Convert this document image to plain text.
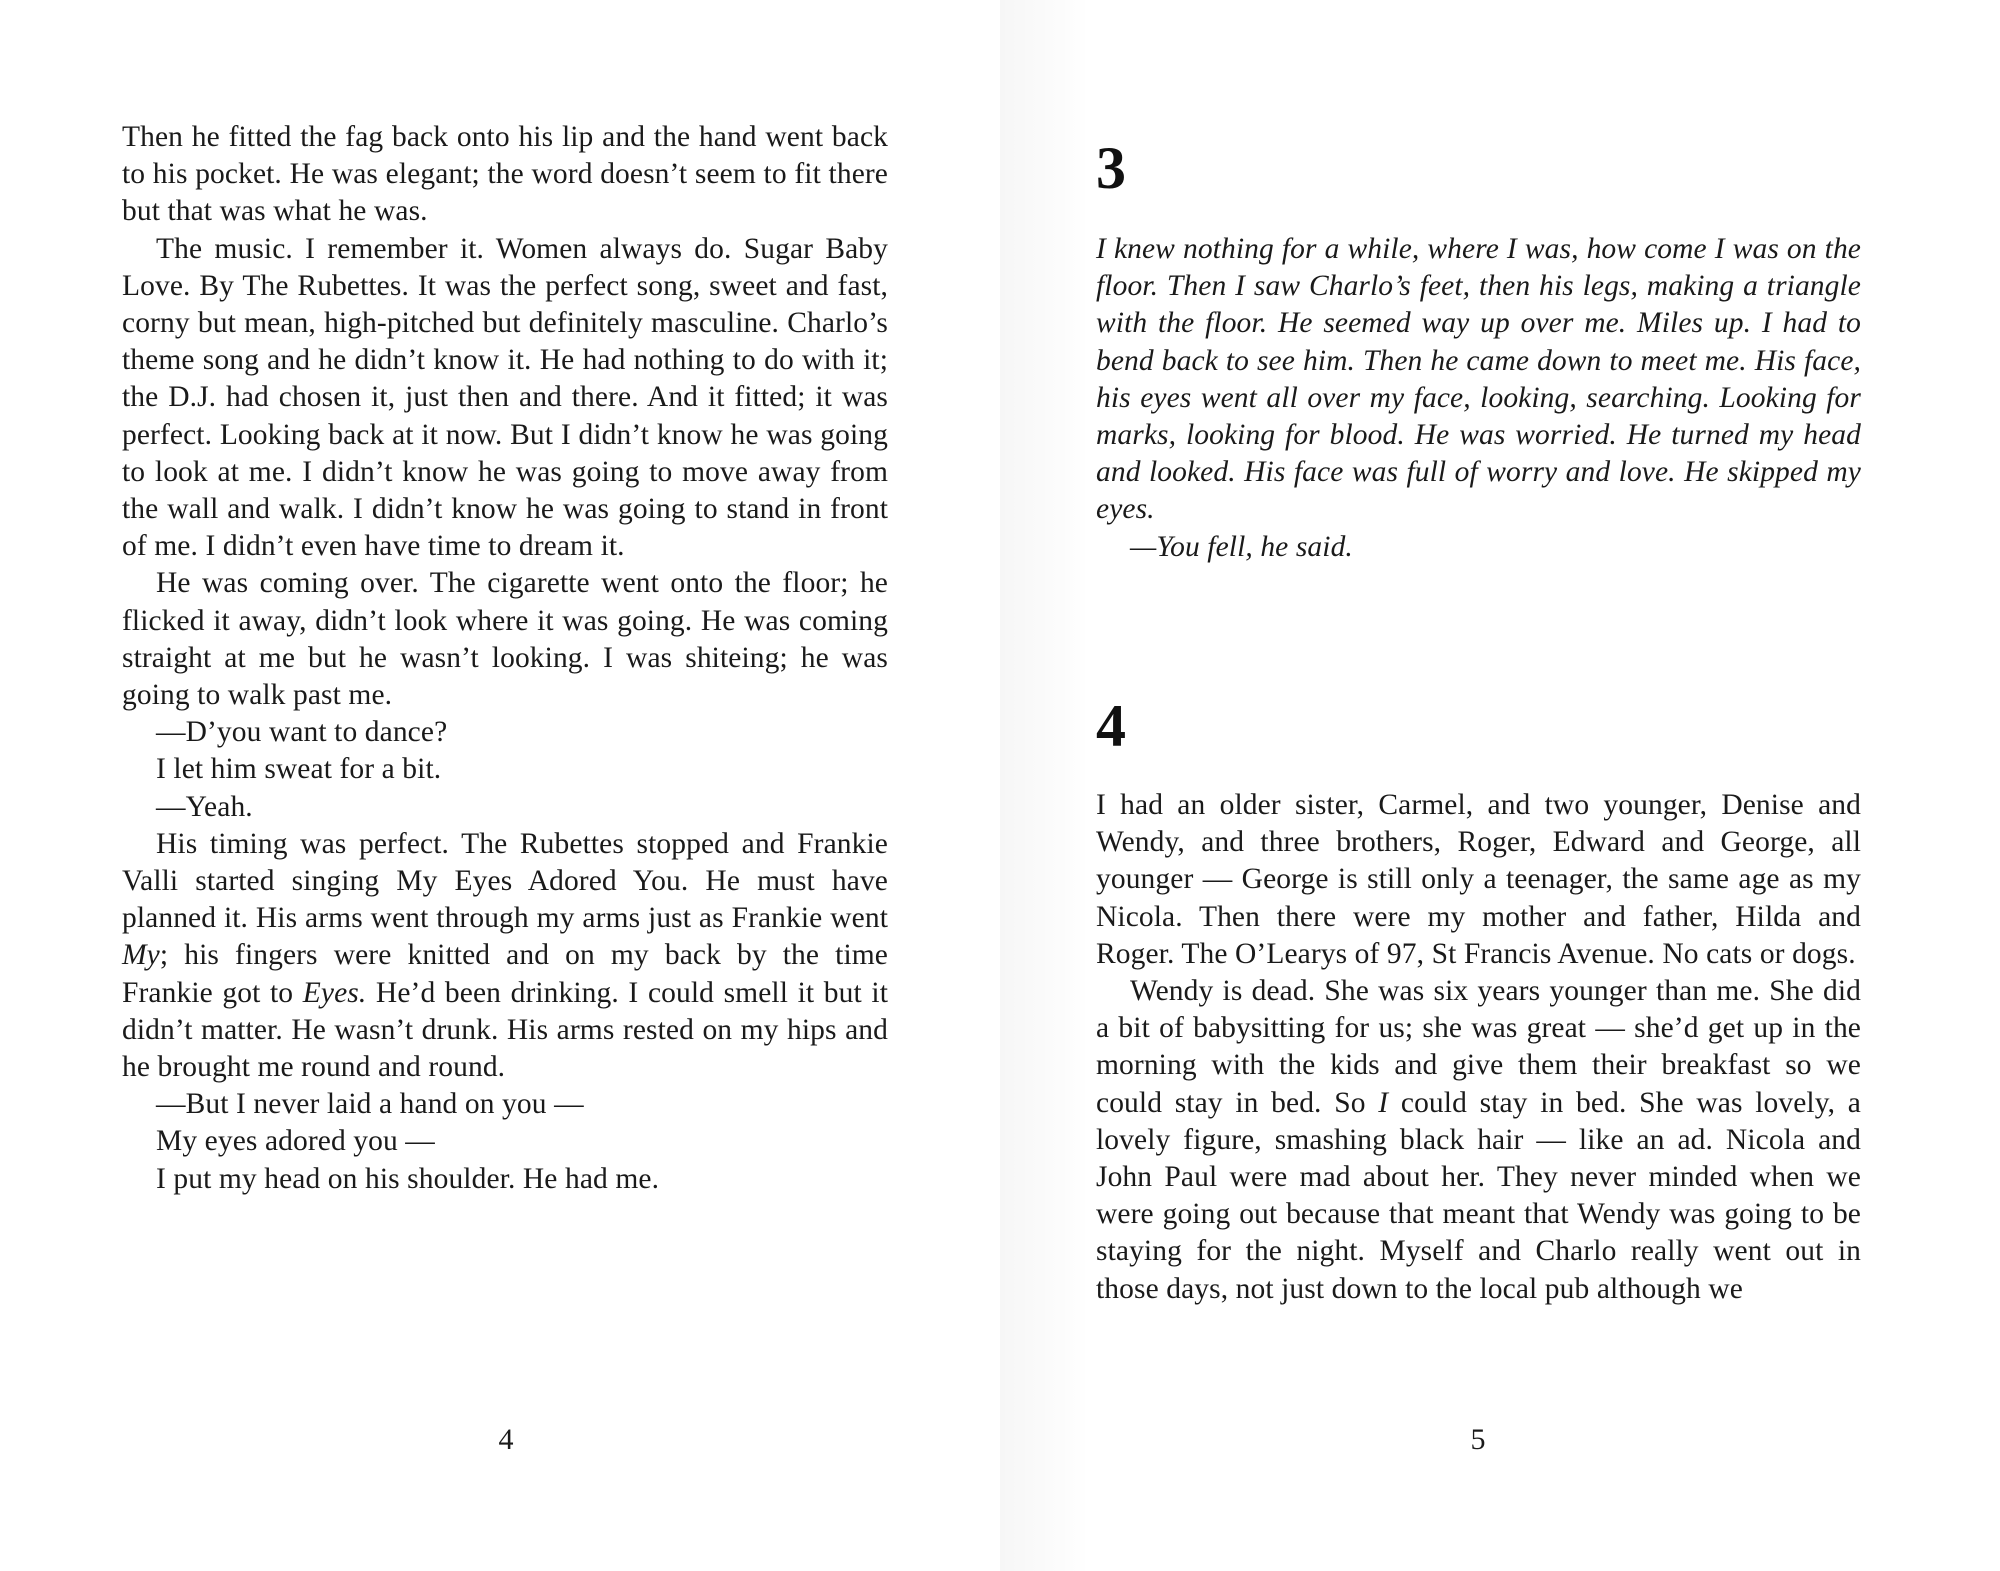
Then he fitted the fag back onto his lip and the hand went back to his pocket. He was elegant; the word doesn’t seem to fit there but that was what he was.

The music. I remember it. Women always do. Sugar Baby Love. By The Rubettes. It was the perfect song, sweet and fast, corny but mean, high-pitched but definitely masculine. Charlo’s theme song and he didn’t know it. He had nothing to do with it; the D.J. had chosen it, just then and there. And it fitted; it was perfect. Looking back at it now. But I didn’t know he was going to look at me. I didn’t know he was going to move away from the wall and walk. I didn’t know he was going to stand in front of me. I didn’t even have time to dream it.

He was coming over. The cigarette went onto the floor; he flicked it away, didn’t look where it was going. He was coming straight at me but he wasn’t looking. I was shiteing; he was going to walk past me.

—D’you want to dance?

I let him sweat for a bit.

—Yeah.

His timing was perfect. The Rubettes stopped and Frankie Valli started singing My Eyes Adored You. He must have planned it. His arms went through my arms just as Frankie went My; his fingers were knitted and on my back by the time Frankie got to Eyes. He’d been drinking. I could smell it but it didn’t matter. He wasn’t drunk. His arms rested on my hips and he brought me round and round.

—But I never laid a hand on you —

My eyes adored you —

I put my head on his shoulder. He had me.

4
3

I knew nothing for a while, where I was, how come I was on the floor. Then I saw Charlo’s feet, then his legs, making a triangle with the floor. He seemed way up over me. Miles up. I had to bend back to see him. Then he came down to meet me. His face, his eyes went all over my face, looking, searching. Looking for marks, looking for blood. He was worried. He turned my head and looked. His face was full of worry and love. He skipped my eyes.

—You fell, he said.

4

I had an older sister, Carmel, and two younger, Denise and Wendy, and three brothers, Roger, Edward and George, all younger — George is still only a teenager, the same age as my Nicola. Then there were my mother and father, Hilda and Roger. The O’Learys of 97, St Francis Avenue. No cats or dogs.

Wendy is dead. She was six years younger than me. She did a bit of babysitting for us; she was great — she’d get up in the morning with the kids and give them their breakfast so we could stay in bed. So I could stay in bed. She was lovely, a lovely figure, smashing black hair — like an ad. Nicola and John Paul were mad about her. They never minded when we were going out because that meant that Wendy was going to be staying for the night. Myself and Charlo really went out in those days, not just down to the local pub although we

5
